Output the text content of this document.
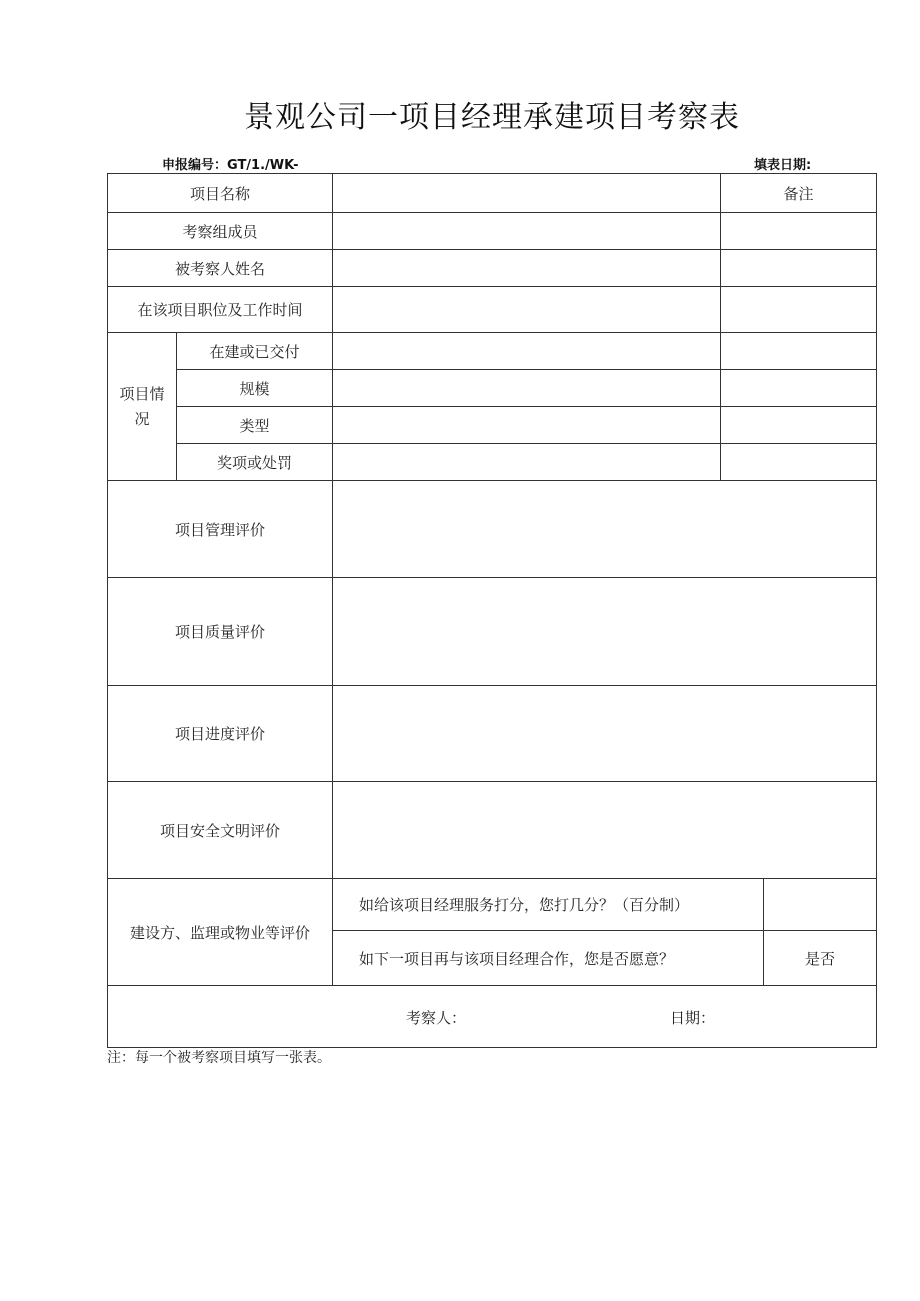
景观公司一项目经理承建项目考察表
申报编号：GT/1./WK-	填表日期:
项目名称			备注	
考察组成员				
被考察人姓名				
在该项目职位及工作时间				
项目情况	在建或已交付			
	规模			
	类型			
	奖项或处罚			
项目管理评价				
项目质量评价				
项目进度评价				
项目安全文明评价				
建设方、监理或物业等评价		如给该项目经理服务打分，您打几分？（百分制）		
		如下一项目再与该项目经理合作，您是否愿意？		是否

考察人： 日期：				
注：每一个被考察项目填写一张表。
